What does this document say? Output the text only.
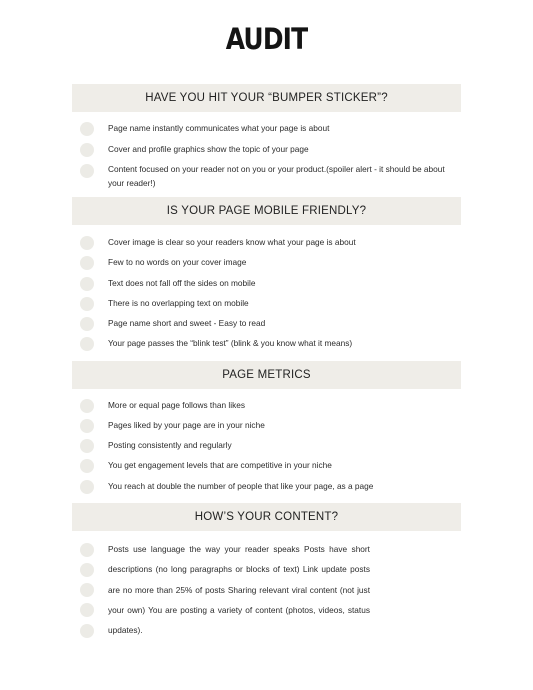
AUDIT
HAVE YOU HIT YOUR “BUMPER STICKER”?
Page name instantly communicates what your page is about
Cover and profile graphics show the topic of your page
Content focused on your reader not on you or your product.(spoiler alert - it should be about your reader!)
IS YOUR PAGE MOBILE FRIENDLY?
Cover image is clear so your readers know what your page is about
Few to no words on your cover image
Text does not fall off the sides on mobile
There is no overlapping text on mobile
Page name short and sweet - Easy to read
Your page passes the “blink test” (blink & you know what it means)
PAGE METRICS
More or equal page follows than likes
Pages liked by your page are in your niche
Posting consistently and regularly
You get engagement levels that are competitive in your niche
You reach at double the number of people that like your page, as a page
HOW’S YOUR CONTENT?
Posts use language the way your reader speaks Posts have short descriptions (no long paragraphs or blocks of text) Link update posts are no more than 25% of posts Sharing relevant viral content (not just your own) You are posting a variety of content (photos, videos, status updates).
